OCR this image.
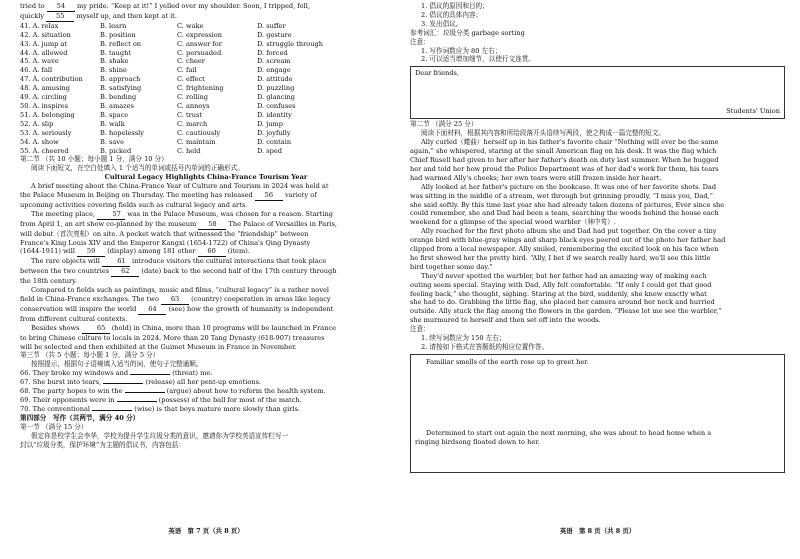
tried to 54 my pride. “Keep at it!” I yelled over my shoulder. Soon, I tripped, fell,
quickly 55 myself up, and then kept at it.
41. A. relax	B. learn	C. wake	D. suffer
42. A. situation	B. position	C. expression	D. gesture
43. A. jump at	B. reflect on	C. answer for	D. struggle through
44. A. allowed	B. taught	C. persuaded	D. forced
45. A. wave	B. shake	C. cheer	D. scream
46. A. fall	B. shine	C. fail	D. engage
47. A. contribution	B. approach	C. effect	D. attitude
48. A. amusing	B. satisfying	C. frightening	D. puzzling
49. A. circling	B. bending	C. rolling	D. glancing
50. A. inspires	B. amazes	C. annoys	D. confuses
51. A. belonging	B. space	C. trust	D. identity
52. A. slip	B. walk	C. march	D. jump
53. A. seriously	B. hopelessly	C. cautiously	D. joyfully
54. A. show	B. save	C. maintain	D. contain
55. A. cheered	B. picked	C. held	D. sped
第二节 （共 10 小题；每小题 1 分，满分 10 分）
阅读下面短文，在空白处填入 1 个适当的单词或括号内单词的正确形式。
Cultural Legacy Highlights China-France Tourism Year
A brief meeting about the China-France Year of Culture and Tourism in 2024 was held at
the Palace Museum in Beijing on Thursday. The meeting has released 56 variety of
upcoming activities covering fields such as cultural legacy and arts.
The meeting place,	57 was in the Palace Museum, was chosen for a reason. Starting
from April 1, an art show co-planned by the museum 58 The Palace of Versailles in Paris,
will debut（首次亮相）on site. A pocket watch that witnessed the “friendship” between
France's King Louis XIV and the Emperor Kangxi (1654-1722) of China's Qing Dynasty
(1644-1911) will 59 (display) among 181 other 60 (item).
The rare objects will	61 introduce visitors the cultural interactions that took place
between the two countries 62 (date) back to the second half of the 17th century through
the 18th century.
Compared to fields such as paintings, music and films, “cultural legacy” is a rather novel
field in China-France exchanges. The two 63 (country) cooperation in areas like legacy
conservation will inspire the world 64 (see) how the growth of humanity is independent
from different cultural contexts.
Besides shows	65 (hold) in China, more than 10 programs will be launched in France
to bring Chinese culture to locals in 2024. More than 20 Tang Dynasty (618-907) treasures
will be selected and then exhibited at the Guimet Museum in France in November.
第三节 （共 5 小题；每小题 1 分，满分 5 分）
按照提示，根据句子语境填入适当的词，使句子完整通顺。
66. They broke my windows and	(threat) me.
67. She burst into tears,	(release) all her pent-up emotions.
68. The party hopes to win the	(argue) about how to reform the health system.
69. Their opponents were in	(possess) of the ball for most of the match.
70. The conventional	(wise) is that boys mature more slowly than girls.
第四部分　写作（共两节，满分 40 分）
第一节 （满分 15 分）
假定你是校学生会李华，学校为提升学生垃圾分类的意识，邀请你为学校英语宣传栏写一
封以“垃圾分类，保护环境”为主题的倡议书，内容包括：
英语　第 7 页（共 8 页）
1. 倡议的原因和目的；
2. 倡议的具体内容；
3. 发出倡议。
参考词汇：垃圾分类 garbage sorting
注意：
1. 写作词数应为 80 左右；
2. 可以适当增加细节，以使行文连贯。
Dear friends,
Students' Union
第二节 （满分 25 分）
阅读下面材料，根据其内容和所给段落开头语续写两段，使之构成一篇完整的短文。
Ally curled（蜷曲）herself up in his father's favorite chair “Nothing will ever be the same
again,” she whispered, staring at the small American flag on his desk. It was the flag which
Chief Rusell had given to her after her father's death on duty last summer. When he hugged
her and told her how proud the Police Department was of her dad's work for them, his tears
had warmed Ally's cheeks; her own tears were still frozen inside her heart.
Ally looked at her father's picture on the bookcase. It was one of her favorite shots. Dad
was sitting in the middle of a stream, wet through but grinning proudly, “I miss you, Dad,”
she said softly. By this time last year she had already taken dozens of pictures, Ever since she
could remember, she and Dad had been a team, searching the woods behind the house each
weekend for a glimpse of the special wood warbler（林中莺）.
Ally reached for the first photo album she and Dad had put together. On the cover a tiny
orange bird with blue-gray wings and sharp black eyes peered out of the photo her father had
clipped from a local newspaper. Ally smiled, remembering the excited look on his face when
he first showed her the pretty bird. “Ally, I bet if we search really hard, we'll see this little
bird together some day.”
They'd never spotted the warbler, but her father had an amazing way of making each
outing seem special. Staying with Dad, Ally felt comfortable. “If only I could get that good
feeling back,” she thought, sighing. Staring at the bird, suddenly, she knew exactly what
she had to do. Grabbing the little flag, she placed her camera around her neck and hurried
outside. Ally stuck the flag among the flowers in the garden. “Please let me see the warbler,”
she murmured to herself and then set off into the woods.
注意：
1. 续写词数应为 150 左右；
2. 请按如下格式在答题纸的相应位置作答。
Familiar smells of the earth rose up to greet her.
Determined to start out again the next morning, she was about to head home when a
ringing birdsong floated down to her.
英语　第 8 页（共 8 页）
